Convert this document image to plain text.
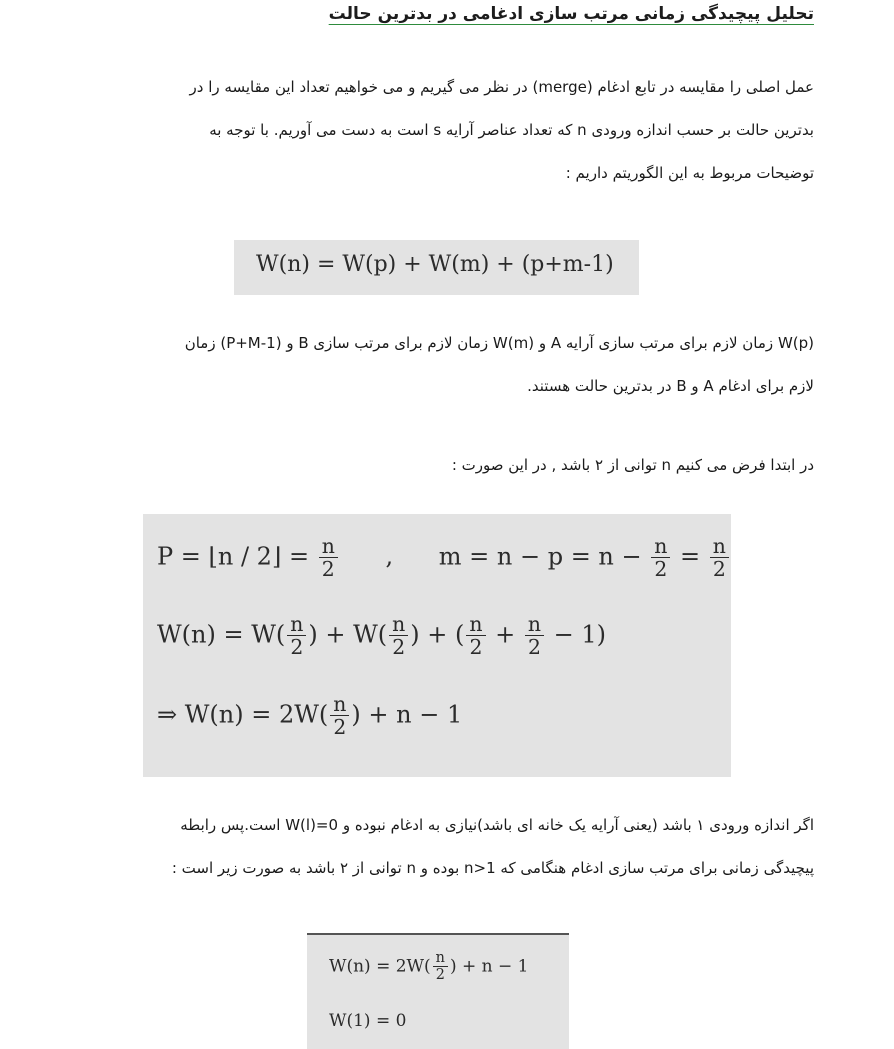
تحلیل پیچیدگی زمانی مرتب سازی ادغامی در بدترین حالت
عمل اصلی را مقایسه در تابع ادغام (merge) در نظر می گیریم و می خواهیم تعداد این مقایسه را در
بدترین حالت بر حسب اندازه ورودی n که تعداد عناصر آرایه s است به دست می آوریم. با توجه به
توضیحات مربوط به این الگوریتم داریم :
W(n) = W(p) + W(m) + (p+m-1)
W(p) زمان لازم برای مرتب سازی آرایه A و W(m) زمان لازم برای مرتب سازی B و (P+M-1) زمان
لازم برای ادغام A و B در بدترین حالت هستند.
در ابتدا فرض می کنیم n توانی از ۲ باشد , در این صورت :
P = ⌊n / 2⌋ = $\frac{n}{2}$ , $m = n - p = n - \frac{n}{2} = \frac{n}{2}$
$W(n) = W( \frac{n}{2}$ ) + $W( \frac{n}{2}$ ) + ( $\frac{n}{2} + \frac{n}{2} - 1$)
⇒ $W(n) = 2W( \frac{n}{2}$ ) + n − 1
اگر اندازه ورودی ۱ باشد (یعنی آرایه یک خانه ای باشد)نیازی به ادغام نبوده و W(l)=0 است.پس رابطه
پیچیدگی زمانی برای مرتب سازی ادغام هنگامی که n>1 بوده و n توانی از ۲ باشد به صورت زیر است :
$W(n) = 2W( \frac{n}{2}$ ) + n − 1
W(1) = 0
